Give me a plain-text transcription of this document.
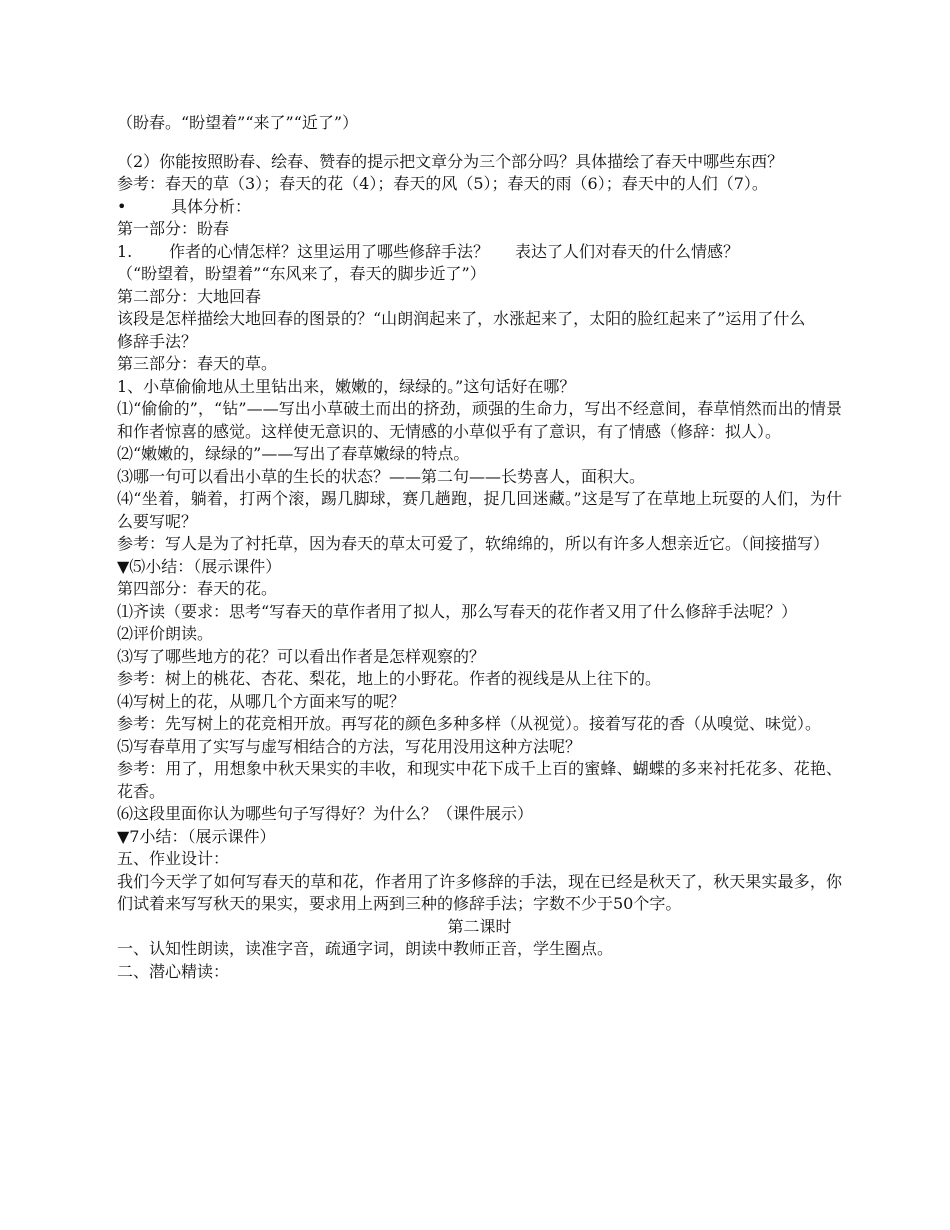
（盼春。“盼望着”“来了”“近了”）
（2）你能按照盼春、绘春、赞春的提示把文章分为三个部分吗？具体描绘了春天中哪些东西？
参考：春天的草（3）；春天的花（4）；春天的风（5）；春天的雨（6）；春天中的人们（7）。
•	具体分析：
第一部分：盼春
1. 作者的心情怎样？这里运用了哪些修辞手法？ 表达了人们对春天的什么情感？
（“盼望着，盼望着”“东风来了，春天的脚步近了”）
第二部分：大地回春
该段是怎样描绘大地回春的图景的？“山朗润起来了，水涨起来了，太阳的脸红起来了”运用了什么修辞手法？
第三部分：春天的草。
1、小草偷偷地从土里钻出来，嫩嫩的，绿绿的。”这句话好在哪？
⑴“偷偷的”，“钻”——写出小草破土而出的挤劲，顽强的生命力，写出不经意间，春草悄然而出的情景和作者惊喜的感觉。这样使无意识的、无情感的小草似乎有了意识，有了情感（修辞：拟人）。
⑵“嫩嫩的，绿绿的”——写出了春草嫩绿的特点。
⑶哪一句可以看出小草的生长的状态？——第二句——长势喜人，面积大。
⑷“坐着，躺着，打两个滚，踢几脚球，赛几趟跑，捉几回迷藏。”这是写了在草地上玩耍的人们，为什么要写呢？
参考：写人是为了衬托草，因为春天的草太可爱了，软绵绵的，所以有许多人想亲近它。（间接描写）
▼⑸小结：（展示课件）
第四部分：春天的花。
⑴齐读（要求：思考“写春天的草作者用了拟人，那么写春天的花作者又用了什么修辞手法呢？）
⑵评价朗读。
⑶写了哪些地方的花？可以看出作者是怎样观察的？
参考：树上的桃花、杏花、梨花，地上的小野花。作者的视线是从上往下的。
⑷写树上的花，从哪几个方面来写的呢？
参考：先写树上的花竞相开放。再写花的颜色多种多样（从视觉）。接着写花的香（从嗅觉、味觉）。
⑸写春草用了实写与虚写相结合的方法，写花用没用这种方法呢？
参考：用了，用想象中秋天果实的丰收，和现实中花下成千上百的蜜蜂、蝴蝶的多来衬托花多、花艳、花香。
⑹这段里面你认为哪些句子写得好？为什么？（课件展示）
▼7小结：（展示课件）
五、作业设计：
我们今天学了如何写春天的草和花，作者用了许多修辞的手法，现在已经是秋天了，秋天果实最多，你们试着来写写秋天的果实，要求用上两到三种的修辞手法；字数不少于50个字。
第二课时
一、认知性朗读，读准字音，疏通字词，朗读中教师正音，学生圈点。
二、潜心精读：
